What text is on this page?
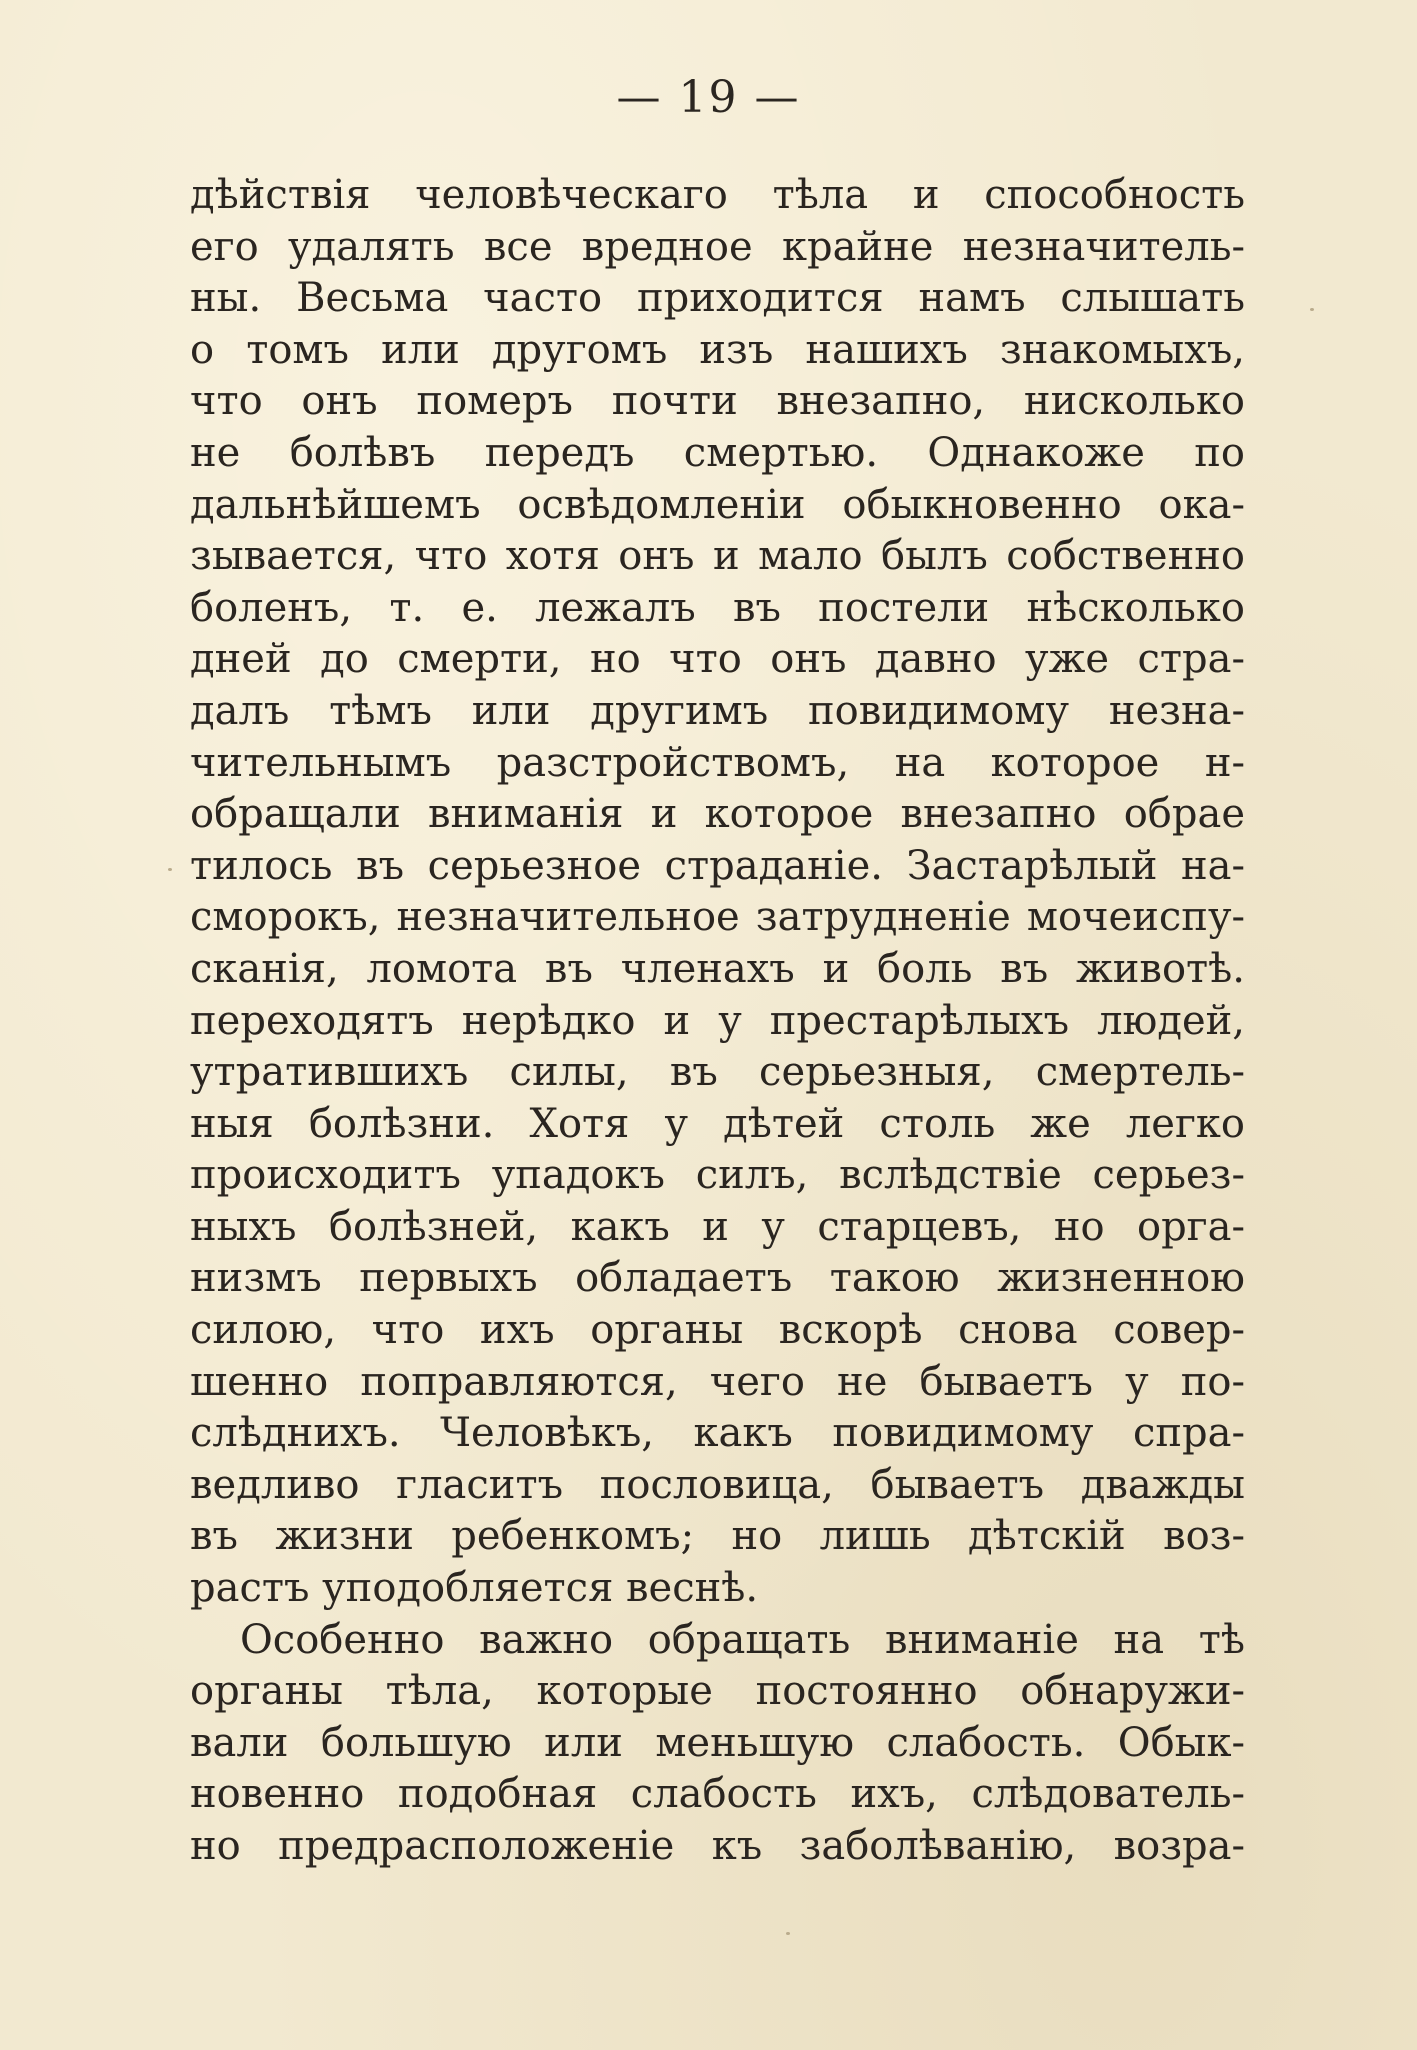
— 19 —
дѣйствія человѣческаго тѣла и способность
его удалять все вредное крайне незначитель-
ны. Весьма часто приходится намъ слышать
о томъ или другомъ изъ нашихъ знакомыхъ,
что онъ померъ почти внезапно, нисколько
не болѣвъ передъ смертью. Однакоже по
дальнѣйшемъ освѣдомленіи обыкновенно ока-
зывается, что хотя онъ и мало былъ собственно
боленъ, т. е. лежалъ въ постели нѣсколько
дней до смерти, но что онъ давно уже стра-
далъ тѣмъ или другимъ повидимому незна-
чительнымъ разстройствомъ, на которое н-
обращали вниманія и которое внезапно обрае
тилось въ серьезное страданіе. Застарѣлый на-
сморокъ, незначительное затрудненіе мочеиспу-
сканія, ломота въ членахъ и боль въ животѣ.
переходятъ нерѣдко и у престарѣлыхъ людей,
утратившихъ силы, въ серьезныя, смертель-
ныя болѣзни. Хотя у дѣтей столь же легко
происходитъ упадокъ силъ, вслѣдствіе серьез-
ныхъ болѣзней, какъ и у старцевъ, но орга-
низмъ первыхъ обладаетъ такою жизненною
силою, что ихъ органы вскорѣ снова совер-
шенно поправляются, чего не бываетъ у по-
слѣднихъ. Человѣкъ, какъ повидимому спра-
ведливо гласитъ пословица, бываетъ дважды
въ жизни ребенкомъ; но лишь дѣтскій воз-
растъ уподобляется веснѣ.
Особенно важно обращать вниманіе на тѣ
органы тѣла, которые постоянно обнаружи-
вали большую или меньшую слабость. Обык-
новенно подобная слабость ихъ, слѣдователь-
но предрасположеніе къ заболѣванію, возра-
